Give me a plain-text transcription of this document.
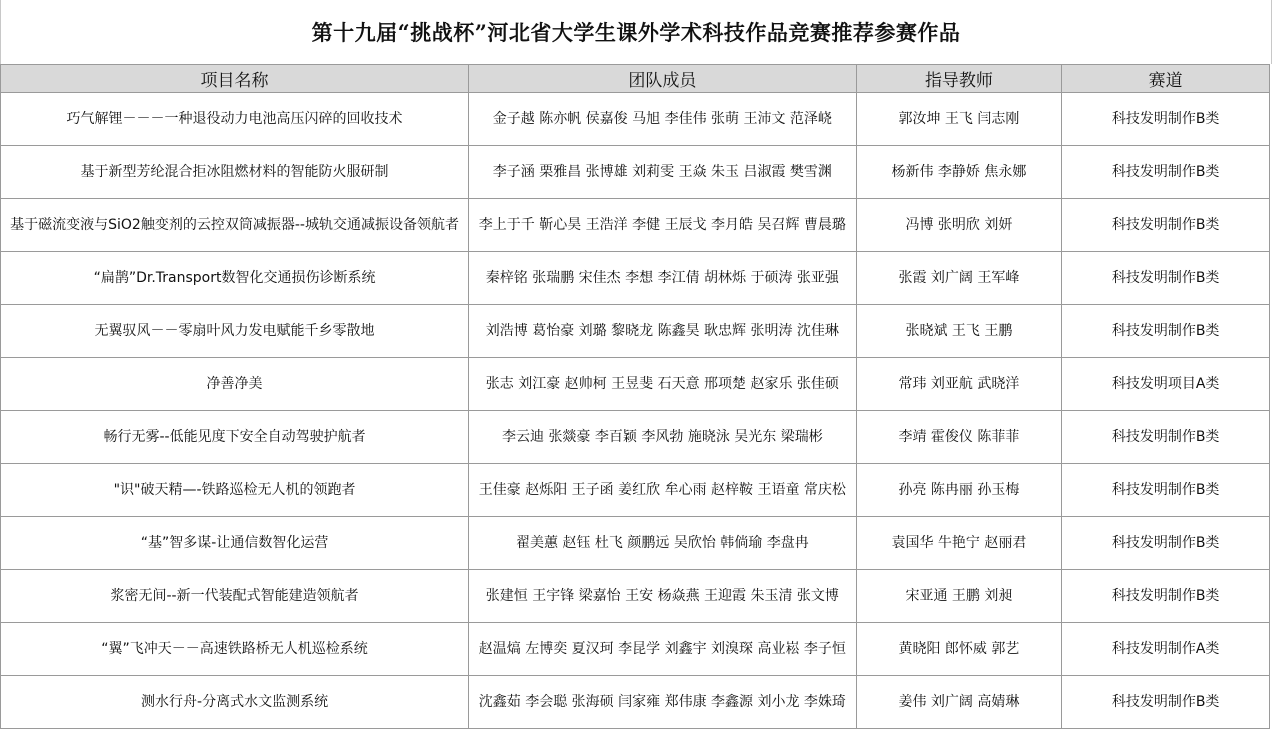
第十九届“挑战杯”河北省大学生课外学术科技作品竞赛推荐参赛作品
项目名称	团队成员	指导教师	赛道
巧气解锂－－－一种退役动力电池高压闪碎的回收技术	金子越 陈亦帆 侯嘉俊 马旭 李佳伟 张萌 王沛文 范泽峣	郭汝坤 王飞 闫志刚	科技发明制作B类
基于新型芳纶混合拒冰阻燃材料的智能防火服研制	李子涵 栗雅昌 张博雄 刘莉雯 王焱 朱玉 吕淑霞 樊雪渊	杨新伟 李静娇 焦永娜	科技发明制作B类
基于磁流变液与SiO2触变剂的云控双筒减振器--城轨交通减振设备领航者	李上于千 靳心昊 王浩洋 李健 王辰戈 李月皓 吴召辉 曹晨璐	冯博 张明欣 刘妍	科技发明制作B类
“扁鹊”Dr.Transport数智化交通损伤诊断系统	秦梓铭 张瑞鹏 宋佳杰 李想 李江倩 胡林烁 于硕涛 张亚强	张霞 刘广阔 王军峰	科技发明制作B类
无翼驭风－－零扇叶风力发电赋能千乡零散地	刘浩博 葛怡豪 刘璐 黎晓龙 陈鑫昊 耿忠辉 张明涛 沈佳琳	张晓斌 王飞 王鹏	科技发明制作B类
净善净美	张志 刘江豪 赵帅柯 王昱斐 石天意 邢项楚 赵家乐 张佳硕	常玮 刘亚航 武晓洋	科技发明项目A类
畅行无雾--低能见度下安全自动驾驶护航者	李云迪 张燚豪 李百颖 李风勃 施晓泳 吴光东 梁瑞彬	李靖 霍俊仪 陈菲菲	科技发明制作B类
"识"破天精—-铁路巡检无人机的领跑者	王佳豪 赵烁阳 王子函 姜红欣 牟心雨 赵梓鞍 王语童 常庆松	孙亮 陈冉丽 孙玉梅	科技发明制作B类
“基”智多谋-让通信数智化运营	翟美蕙 赵钰 杜飞 颜鹏远 吴欣怡 韩倘瑜 李盘冉	袁国华 牛艳宁 赵丽君	科技发明制作B类
浆密无间--新一代装配式智能建造领航者	张建恒 王宇锋 梁嘉怡 王安 杨焱燕 王迎霞 朱玉清 张文博	宋亚通 王鹏 刘昶	科技发明制作B类
“翼”飞冲天－－高速铁路桥无人机巡检系统	赵温熇 左博奕 夏汉珂 李昆学 刘鑫宇 刘溴琛 高业崧 李子恒	黄晓阳 郎怀威 郭艺	科技发明制作A类
测水行舟-分离式水文监测系统	沈鑫茹 李会聪 张海硕 闫家雍 郑伟康 李鑫源 刘小龙 李姝琦	姜伟 刘广阔 高婧琳	科技发明制作B类
